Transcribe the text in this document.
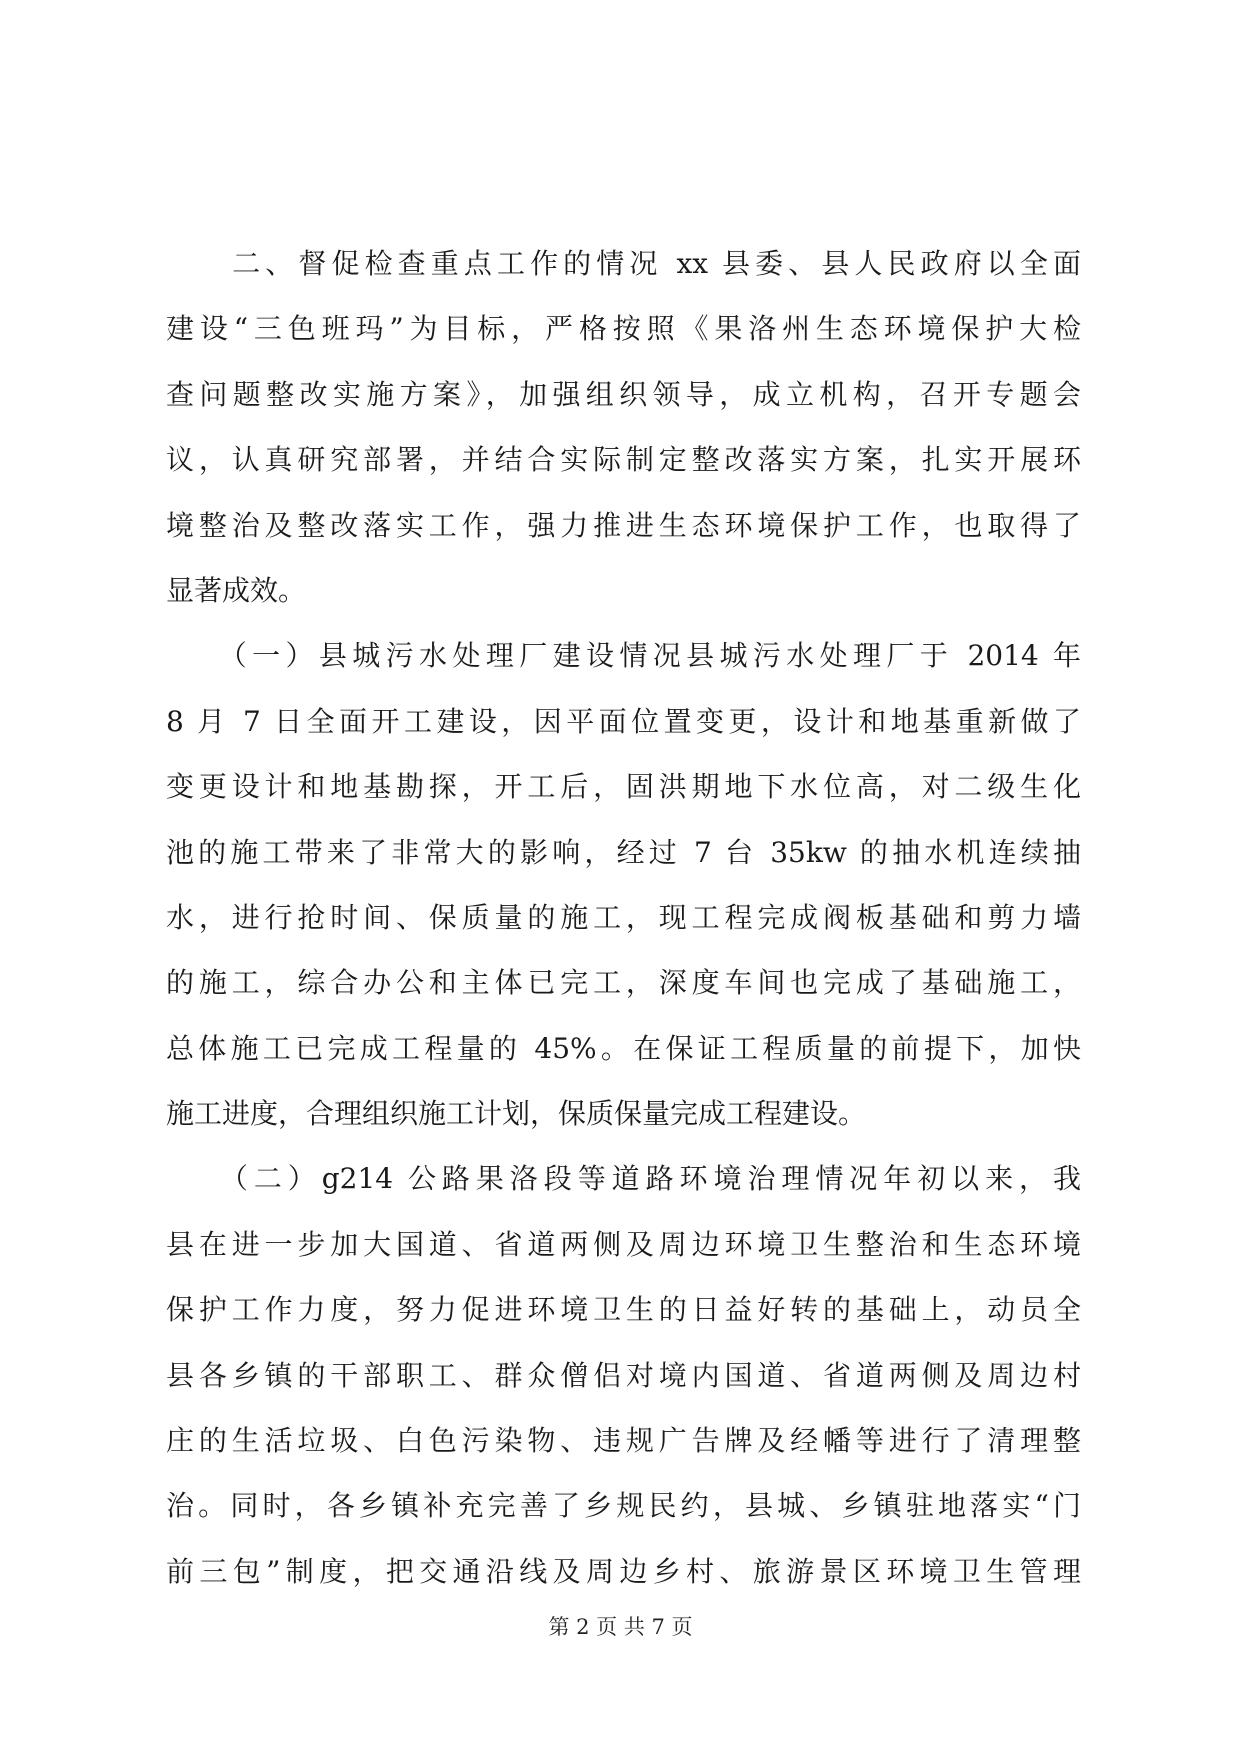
　　二、督促检查重点工作的情况 xx 县委、县人民政府以全面
建设“三色班玛”为目标，严格按照《果洛州生态环境保护大检
查问题整改实施方案》，加强组织领导，成立机构，召开专题会
议，认真研究部署，并结合实际制定整改落实方案，扎实开展环
境整治及整改落实工作，强力推进生态环境保护工作，也取得了
显著成效。
　　（一）县城污水处理厂建设情况县城污水处理厂于 2014 年
8 月 7 日全面开工建设，因平面位置变更，设计和地基重新做了
变更设计和地基勘探，开工后，固洪期地下水位高，对二级生化
池的施工带来了非常大的影响，经过 7 台 35kw 的抽水机连续抽
水，进行抢时间、保质量的施工，现工程完成阀板基础和剪力墙
的施工，综合办公和主体已完工，深度车间也完成了基础施工，
总体施工已完成工程量的 45%。在保证工程质量的前提下，加快
施工进度，合理组织施工计划，保质保量完成工程建设。
　　（二）g214 公路果洛段等道路环境治理情况年初以来，我
县在进一步加大国道、省道两侧及周边环境卫生整治和生态环境
保护工作力度，努力促进环境卫生的日益好转的基础上，动员全
县各乡镇的干部职工、群众僧侣对境内国道、省道两侧及周边村
庄的生活垃圾、白色污染物、违规广告牌及经幡等进行了清理整
治。同时，各乡镇补充完善了乡规民约，县城、乡镇驻地落实“门
前三包”制度，把交通沿线及周边乡村、旅游景区环境卫生管理
第 2 页 共 7 页
